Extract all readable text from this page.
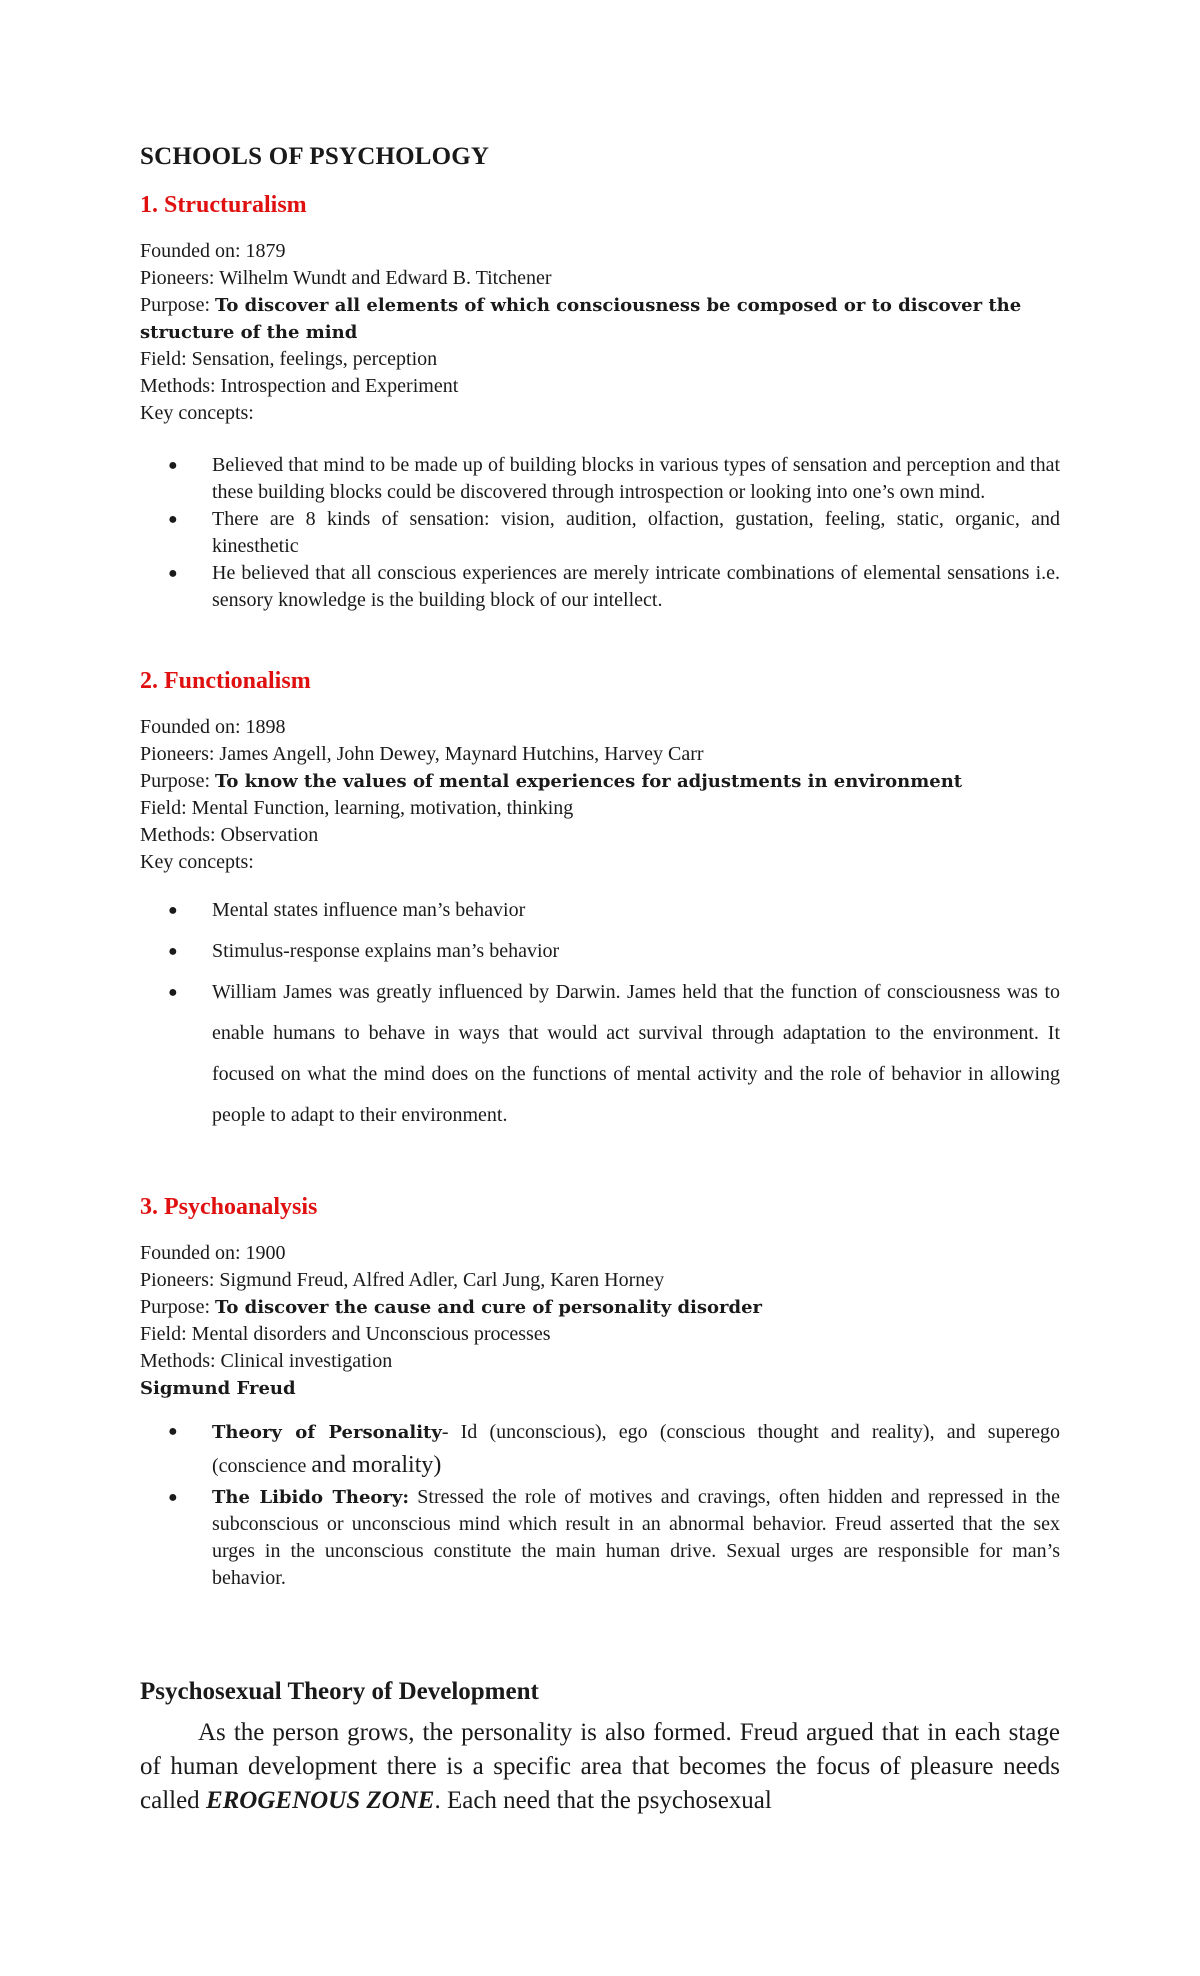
SCHOOLS OF PSYCHOLOGY
1. Structuralism
Founded on: 1879
Pioneers: Wilhelm Wundt and Edward B. Titchener
Purpose: To discover all elements of which consciousness be composed or to discover the structure of the mind
Field: Sensation, feelings, perception
Methods: Introspection and Experiment
Key concepts:
● Believed that mind to be made up of building blocks in various types of sensation and perception and that these building blocks could be discovered through introspection or looking into one’s own mind.
● There are 8 kinds of sensation: vision, audition, olfaction, gustation, feeling, static, organic, and kinesthetic
● He believed that all conscious experiences are merely intricate combinations of elemental sensations i.e. sensory knowledge is the building block of our intellect.
2. Functionalism
Founded on: 1898
Pioneers: James Angell, John Dewey, Maynard Hutchins, Harvey Carr
Purpose: To know the values of mental experiences for adjustments in environment
Field: Mental Function, learning, motivation, thinking
Methods: Observation
Key concepts:
● Mental states influence man’s behavior
● Stimulus-response explains man’s behavior
● William James was greatly influenced by Darwin. James held that the function of consciousness was to enable humans to behave in ways that would act survival through adaptation to the environment. It focused on what the mind does on the functions of mental activity and the role of behavior in allowing people to adapt to their environment.
3. Psychoanalysis
Founded on: 1900
Pioneers: Sigmund Freud, Alfred Adler, Carl Jung, Karen Horney
Purpose: To discover the cause and cure of personality disorder
Field: Mental disorders and Unconscious processes
Methods: Clinical investigation
Sigmund Freud
● Theory of Personality- Id (unconscious), ego (conscious thought and reality), and superego (conscience and morality)
● The Libido Theory: Stressed the role of motives and cravings, often hidden and repressed in the subconscious or unconscious mind which result in an abnormal behavior. Freud asserted that the sex urges in the unconscious constitute the main human drive. Sexual urges are responsible for man’s behavior.
Psychosexual Theory of Development
As the person grows, the personality is also formed. Freud argued that in each stage of human development there is a specific area that becomes the focus of pleasure needs called EROGENOUS ZONE. Each need that the psychosexual
